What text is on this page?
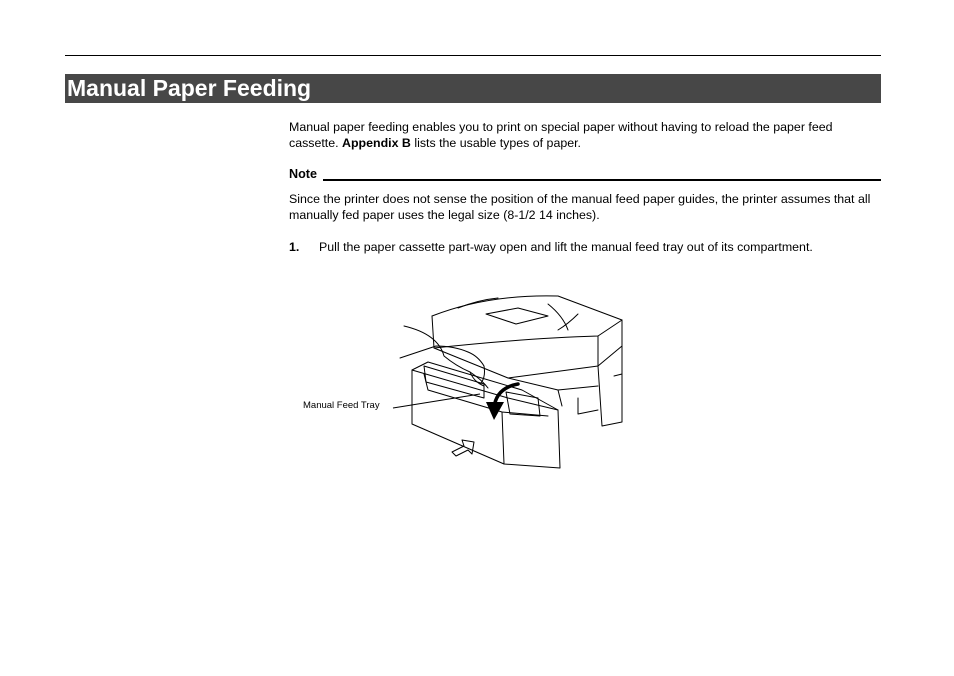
Manual Paper Feeding

Manual paper feeding enables you to print on special paper without having to reload the paper feed cassette. Appendix B lists the usable types of paper.

Note

Since the printer does not sense the position of the manual feed paper guides, the printer assumes that all manually fed paper uses the legal size (8-1/2 14 inches).

1. Pull the paper cassette part-way open and lift the manual feed tray out of its compartment.
Manual Feed Tray
